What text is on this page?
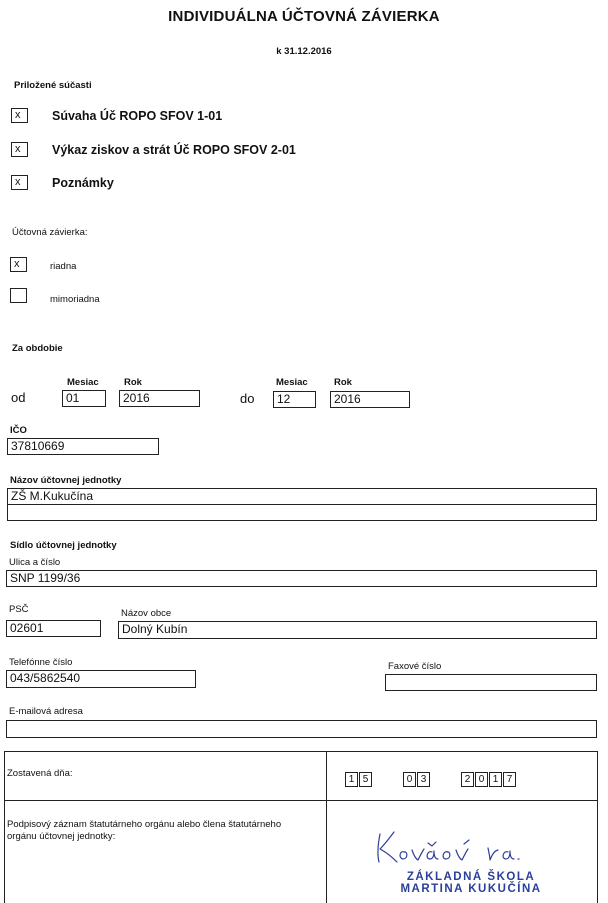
INDIVIDUÁLNA ÚČTOVNÁ ZÁVIERKA
k 31.12.2016
Priložené súčasti
x	Súvaha Úč ROPO SFOV 1-01
x	Výkaz ziskov a strát Úč ROPO SFOV 2-01
x	Poznámky
Účtovná závierka:
x	riadna
mimoriadna
Za obdobie
Mesiac	Rok	Mesiac	Rok
od	01	2016	do	12	2016
IČO
37810669
Názov účtovnej jednotky
ZŠ M.Kukučína
Sídlo účtovnej jednotky
Ulica a číslo
SNP 1199/36
PSČ
02601
Názov obce
Dolný Kubín
Telefónne číslo
043/5862540
Faxové číslo
E-mailová adresa
Zostavená dňa:
1 5	0 3	2 0 1 7
Podpisový záznam štatutárneho orgánu alebo člena štatutárneho
orgánu účtovnej jednotky:
ZÁKLADNÁ ŠKOLA
MARTINA KUKUČÍNA
